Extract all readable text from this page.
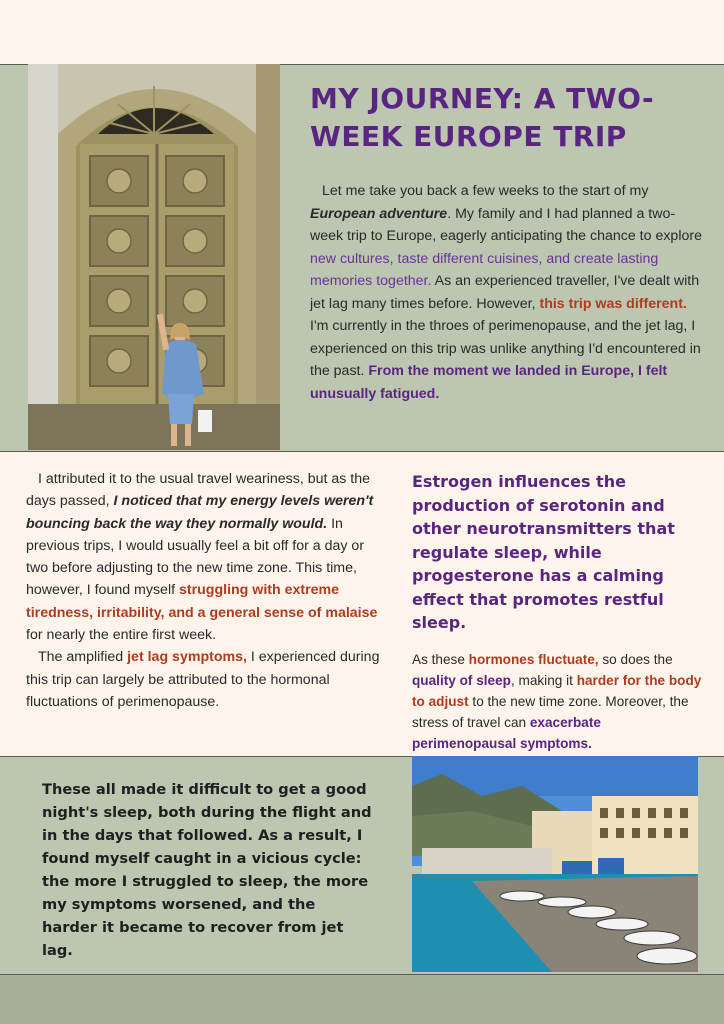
MY JOURNEY: A TWO-WEEK EUROPE TRIP
Let me take you back a few weeks to the start of my European adventure. My family and I had planned a two-week trip to Europe, eagerly anticipating the chance to explore new cultures, taste different cuisines, and create lasting memories together. As an experienced traveller, I've dealt with jet lag many times before. However, this trip was different. I'm currently in the throes of perimenopause, and the jet lag, I experienced on this trip was unlike anything I'd encountered in the past. From the moment we landed in Europe, I felt unusually fatigued.

I attributed it to the usual travel weariness, but as the days passed, I noticed that my energy levels weren't bouncing back the way they normally would. In previous trips, I would usually feel a bit off for a day or two before adjusting to the new time zone. This time, however, I found myself struggling with extreme tiredness, irritability, and a general sense of malaise for nearly the entire first week.

The amplified jet lag symptoms, I experienced during this trip can largely be attributed to the hormonal fluctuations of perimenopause.

Estrogen influences the production of serotonin and other neurotransmitters that regulate sleep, while progesterone has a calming effect that promotes restful sleep.
As these hormones fluctuate, so does the quality of sleep, making it harder for the body to adjust to the new time zone. Moreover, the stress of travel can exacerbate perimenopausal symptoms.
These all made it difficult to get a good night's sleep, both during the flight and in the days that followed. As a result, I found myself caught in a vicious cycle: the more I struggled to sleep, the more my symptoms worsened, and the harder it became to recover from jet lag.
